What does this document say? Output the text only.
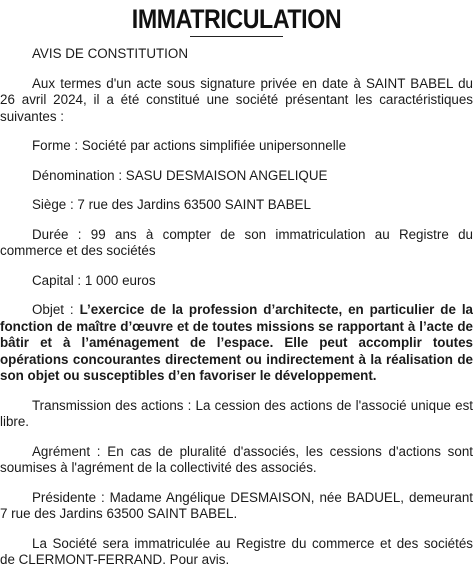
IMMATRICULATION

AVIS DE CONSTITUTION

Aux termes d'un acte sous signature privée en date à SAINT BABEL du 26 avril 2024, il a été constitué une société présentant les caractéristiques suivantes :

Forme : Société par actions simplifiée unipersonnelle

Dénomination : SASU DESMAISON ANGELIQUE

Siège : 7 rue des Jardins 63500 SAINT BABEL

Durée : 99 ans à compter de son immatriculation au Registre du commerce et des sociétés

Capital : 1 000 euros

Objet : L’exercice de la profession d’architecte, en particulier de la fonction de maître d’œuvre et de toutes missions se rapportant à l’acte de bâtir et à l’aménagement de l’espace. Elle peut accomplir toutes opérations concourantes directement ou indirectement à la réalisation de son objet ou susceptibles d’en favoriser le développement.

Transmission des actions : La cession des actions de l'associé unique est libre.

Agrément : En cas de pluralité d'associés, les cessions d'actions sont soumises à l'agrément de la collectivité des associés.

Présidente : Madame Angélique DESMAISON, née BADUEL, demeurant 7 rue des Jardins 63500 SAINT BABEL.

La Société sera immatriculée au Registre du commerce et des sociétés de CLERMONT-FERRAND. Pour avis.
